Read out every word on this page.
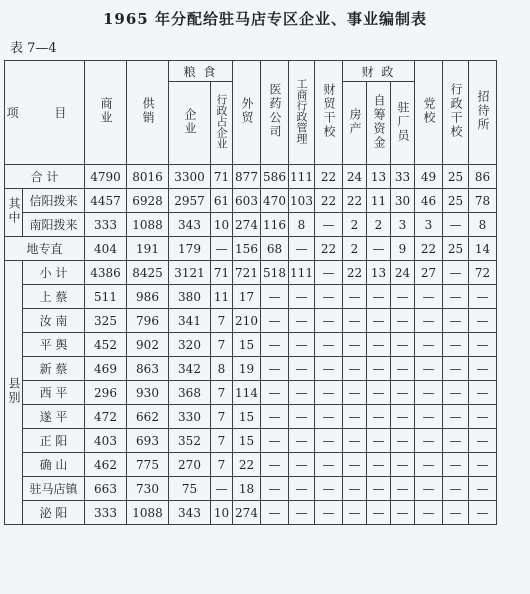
1965 年分配给驻马店专区企业、事业编制表
表 7—4
项 目		商业	供销	粮 食		外贸	医药公司	工商行政管理	财贸干校	财 政			党校	行政干校	招待所
				企业	行政占企业					房产	自筹资金	驻厂员			

合 计		4790	8016	3300	71	877	586	111	22	24	13	33	49	25	86
其中	信阳拨来	4457	6928	2957	61	603	470	103	22	22	11	30	46	25	78
	南阳拨来	333	1088	343	10	274	116	8	—	2	2	3	3	—	8
地专直		404	191	179	—	156	68	—	22	2	—	9	22	25	14
县别	小 计	4386	8425	3121	71	721	518	111	—	22	13	24	27	—	72
	上 蔡	511	986	380	11	17	—	—	—	—	—	—	—	—	—
	汝 南	325	796	341	7	210	—	—	—	—	—	—	—	—	—
	平 舆	452	902	320	7	15	—	—	—	—	—	—	—	—	—
	新 蔡	469	863	342	8	19	—	—	—	—	—	—	—	—	—
	西 平	296	930	368	7	114	—	—	—	—	—	—	—	—	—
	遂 平	472	662	330	7	15	—	—	—	—	—	—	—	—	—
	正 阳	403	693	352	7	15	—	—	—	—	—	—	—	—	—
	确 山	462	775	270	7	22	—	—	—	—	—	—	—	—	—
	驻马店镇	663	730	75	—	18	—	—	—	—	—	—	—	—	—
	泌 阳	333	1088	343	10	274	—	—	—	—	—	—	—	—	—
